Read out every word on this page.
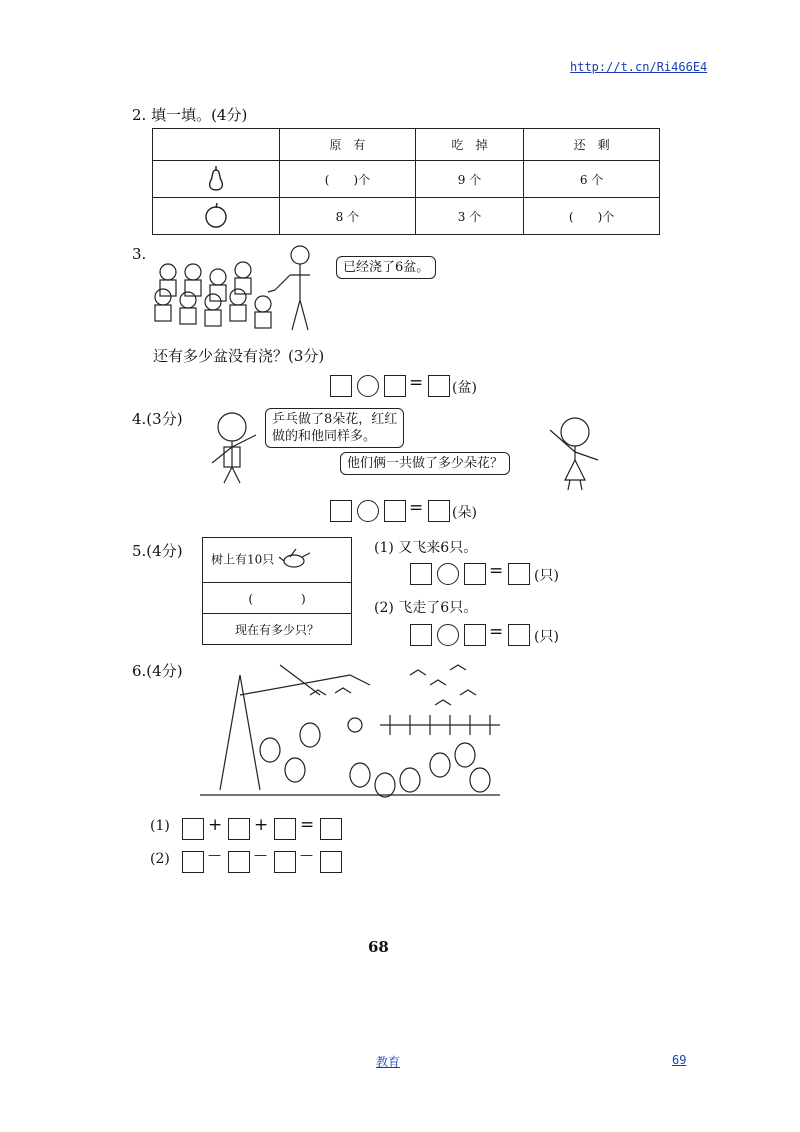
http://t.cn/Ri466E4
2. 填一填。(4分)
	原　有	吃　掉	还　剩
	(　　)个	9 个	6 个
	8 个	3 个	(　　)个
3.
已经浇了6盆。
还有多少盆没有浇？(3分)
= (盆)
4.(3分)	乒乓做了8朵花，红红
做的和他同样多。
他们俩一共做了多少朵花？
= (朵)
5.(4分) 树上有10只
(　　　　)
现在有多少只？
(1) 又飞来6只。
= (只)
(2) 飞走了6只。
= (只)
6.(4分)
(1) + + =
(2)	—	—	—
68
教育	69
